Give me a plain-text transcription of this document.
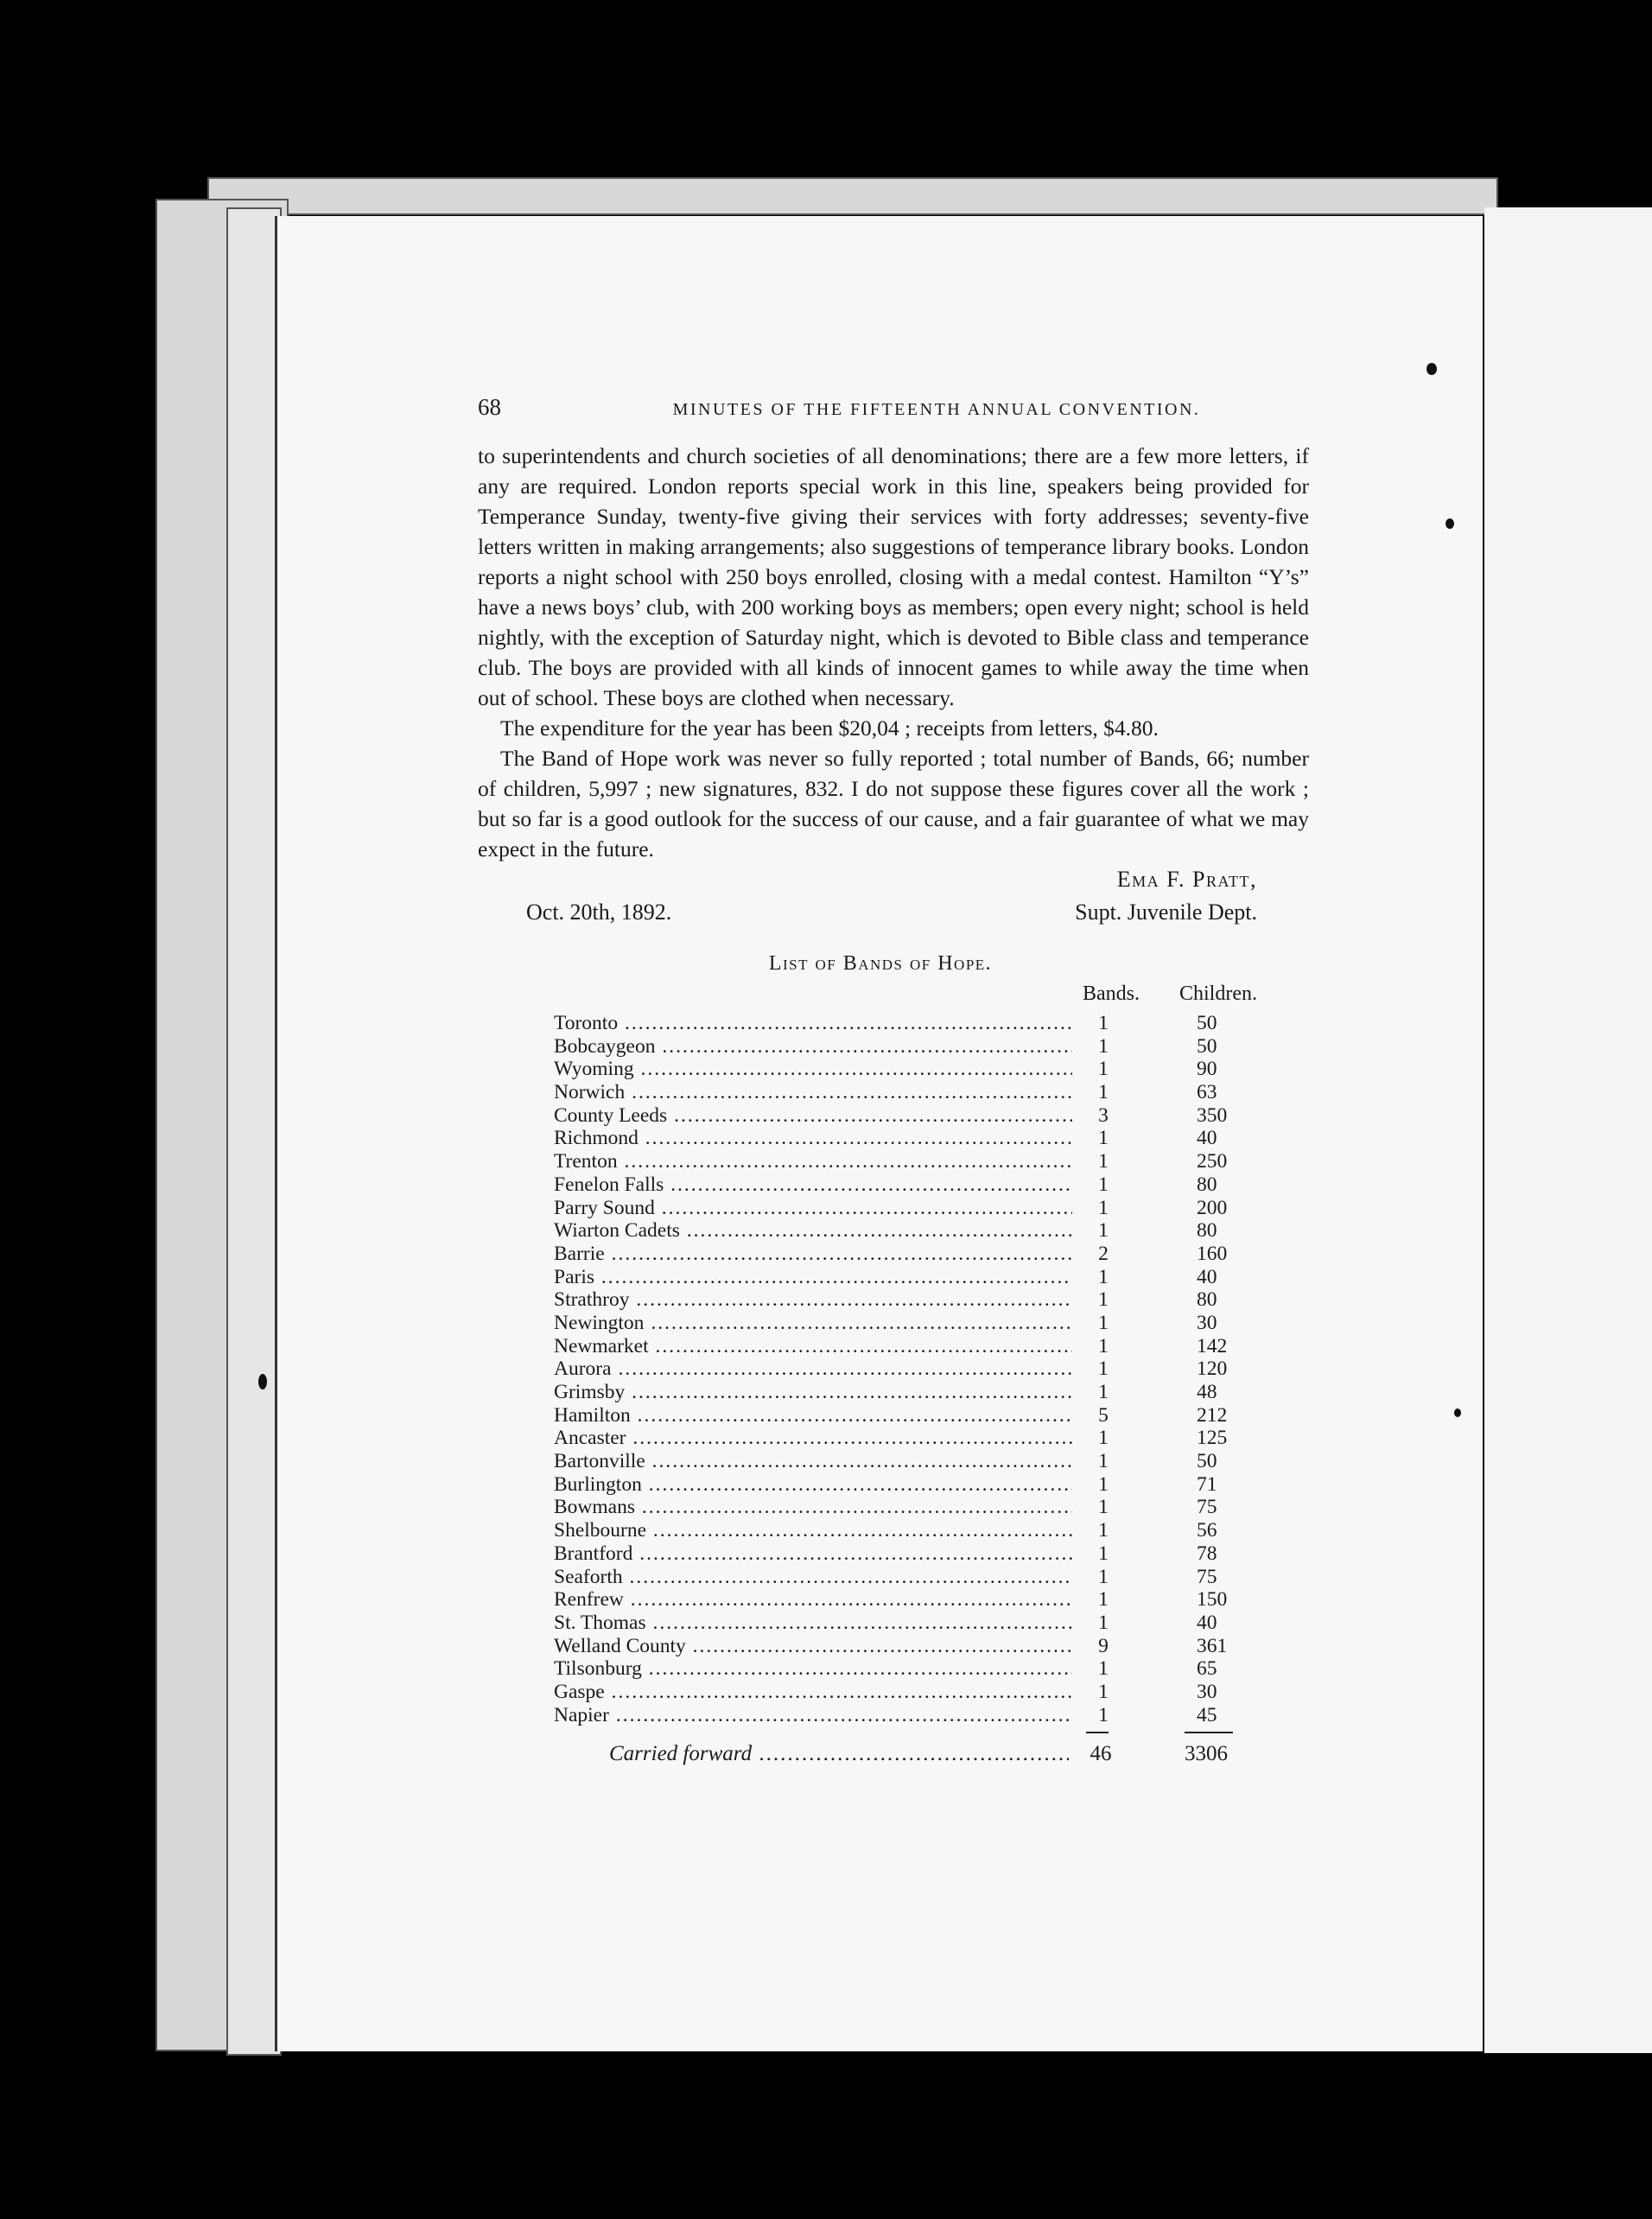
68	MINUTES OF THE FIFTEENTH ANNUAL CONVENTION.

to superintendents and church societies of all denominations; there are a few more letters, if any are required. London reports special work in this line, speakers being provided for Temperance Sunday, twenty-five giving their services with forty addresses; seventy-five letters written in making arrangements; also suggestions of temperance library books. London reports a night school with 250 boys enrolled, closing with a medal contest. Hamilton “Y’s” have a news boys’ club, with 200 working boys as members; open every night; school is held nightly, with the exception of Saturday night, which is devoted to Bible class and temperance club. The boys are provided with all kinds of innocent games to while away the time when out of school. These boys are clothed when necessary.

The expenditure for the year has been $20,04 ; receipts from letters, $4.80.

The Band of Hope work was never so fully reported ; total number of Bands, 66; number of children, 5,997 ; new signatures, 832. I do not suppose these figures cover all the work ; but so far is a good outlook for the success of our cause, and a fair guarantee of what we may expect in the future.

Ema F. Pratt,
Oct. 20th, 1892.	Supt. Juvenile Dept.
List of Bands of Hope.
Bands. Children.
Toronto .....	1	50
Bobcaygeon .....	1	50
Wyoming .....	1	90
Norwich .....	1	63
County Leeds .....	3	350
Richmond .....	1	40
Trenton .....	1	250
Fenelon Falls .....	1	80
Parry Sound .....	1	200
Wiarton Cadets .....	1	80
Barrie .....	2	160
Paris .....	1	40
Strathroy .....	1	80
Newington .....	1	30
Newmarket .....	1	142
Aurora .....	1	120
Grimsby .....	1	48
Hamilton .....	5	212
Ancaster .....	1	125
Bartonville .....	1	50
Burlington .....	1	71
Bowmans .....	1	75
Shelbourne .....	1	56
Brantford .....	1	78
Seaforth .....	1	75
Renfrew .....	1	150
St. Thomas .....	1	40
Welland County .....	9	361
Tilsonburg .....	1	65
Gaspe .....	1	30
Napier .....	1	45
Carried forward .....	46	3306
